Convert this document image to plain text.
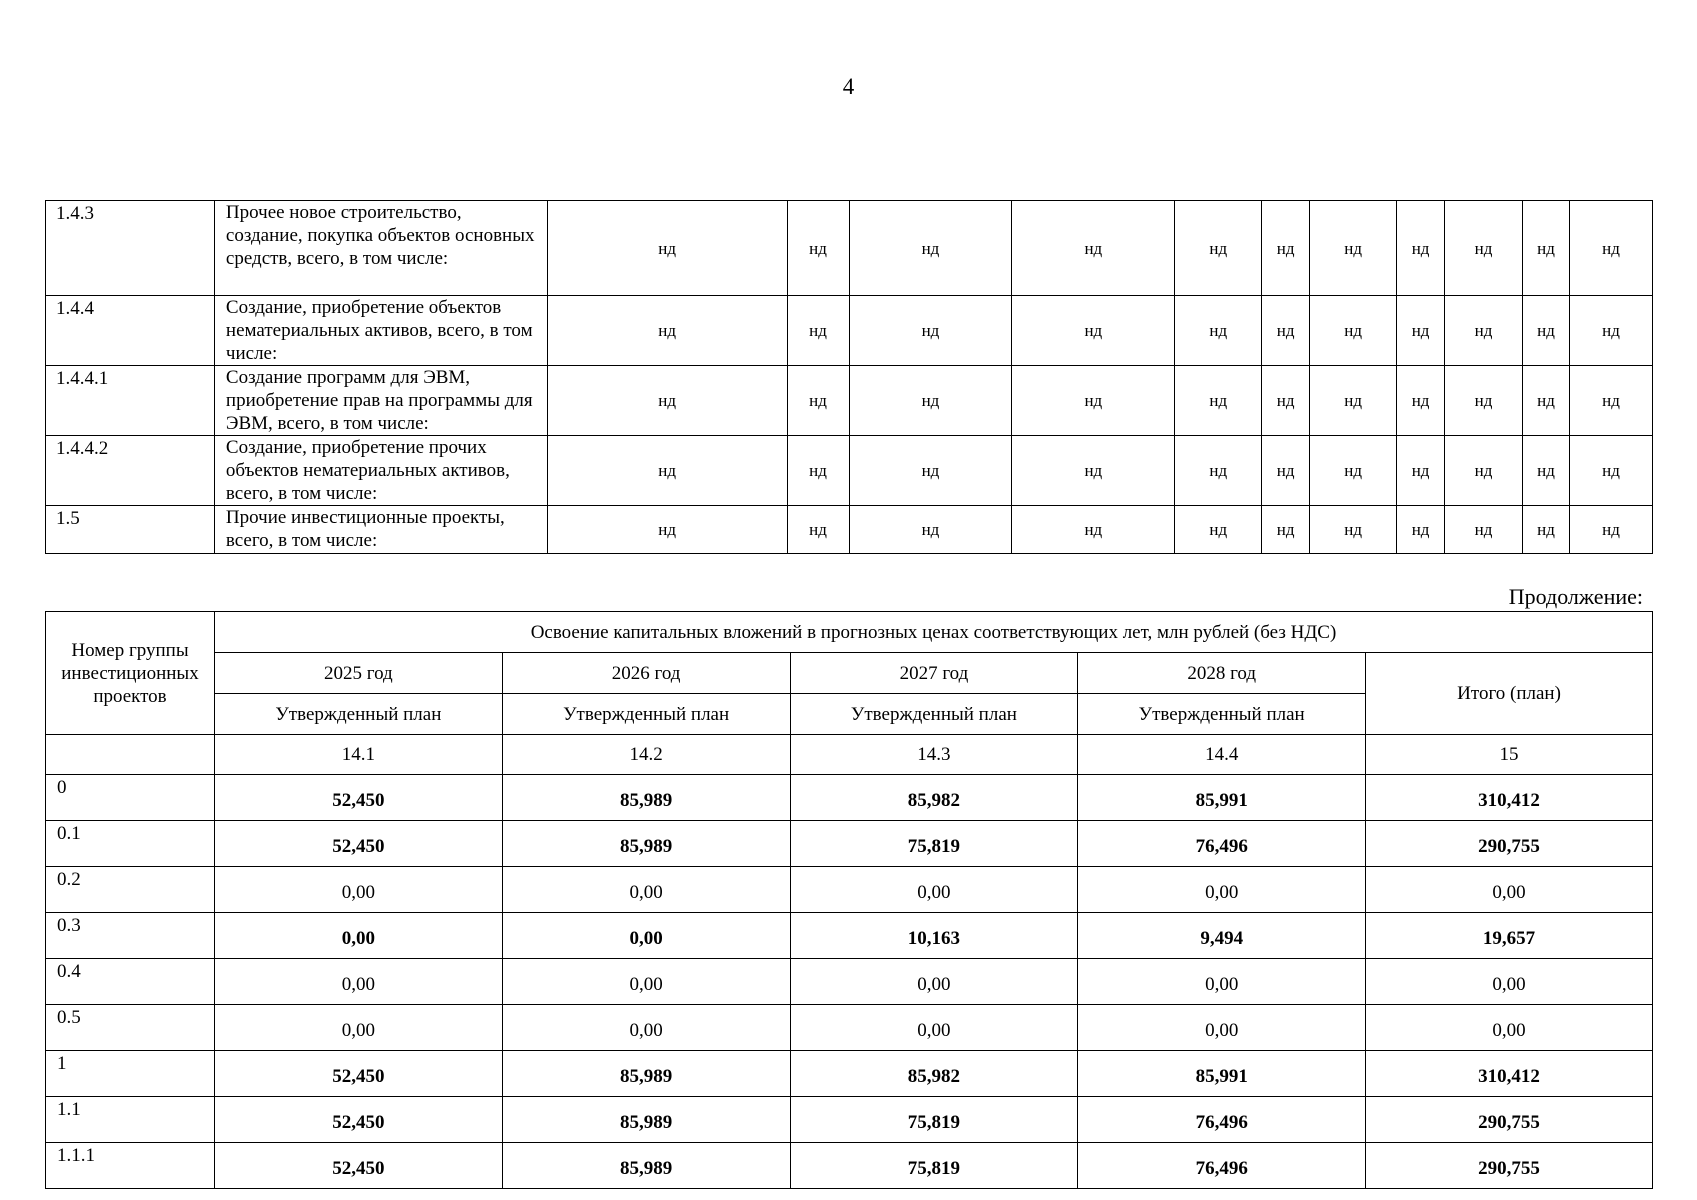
4
1.4.3	Прочее новое строительство, создание, покупка объектов основных средств, всего, в том числе:	нд	нд	нд	нд	нд	нд	нд	нд	нд	нд	нд
1.4.4	Создание, приобретение объектов нематериальных активов, всего, в том числе:	нд	нд	нд	нд	нд	нд	нд	нд	нд	нд	нд
1.4.4.1	Создание программ для ЭВМ, приобретение прав на программы для ЭВМ, всего, в том числе:	нд	нд	нд	нд	нд	нд	нд	нд	нд	нд	нд
1.4.4.2	Создание, приобретение прочих объектов нематериальных активов, всего, в том числе:	нд	нд	нд	нд	нд	нд	нд	нд	нд	нд	нд
1.5	Прочие инвестиционные проекты, всего, в том числе:	нд	нд	нд	нд	нд	нд	нд	нд	нд	нд	нд
Продолжение:
Номер группы инвестиционных проектов	Освоение капитальных вложений в прогнозных ценах соответствующих лет, млн рублей (без НДС)				
	2025 год	2026 год	2027 год	2028 год	Итого (план)
	Утвержденный план	Утвержденный план	Утвержденный план	Утвержденный план	
	14.1	14.2	14.3	14.4	15
0	52,450	85,989	85,982	85,991	310,412
0.1	52,450	85,989	75,819	76,496	290,755
0.2	0,00	0,00	0,00	0,00	0,00
0.3	0,00	0,00	10,163	9,494	19,657
0.4	0,00	0,00	0,00	0,00	0,00
0.5	0,00	0,00	0,00	0,00	0,00
1	52,450	85,989	85,982	85,991	310,412
1.1	52,450	85,989	75,819	76,496	290,755
1.1.1	52,450	85,989	75,819	76,496	290,755
